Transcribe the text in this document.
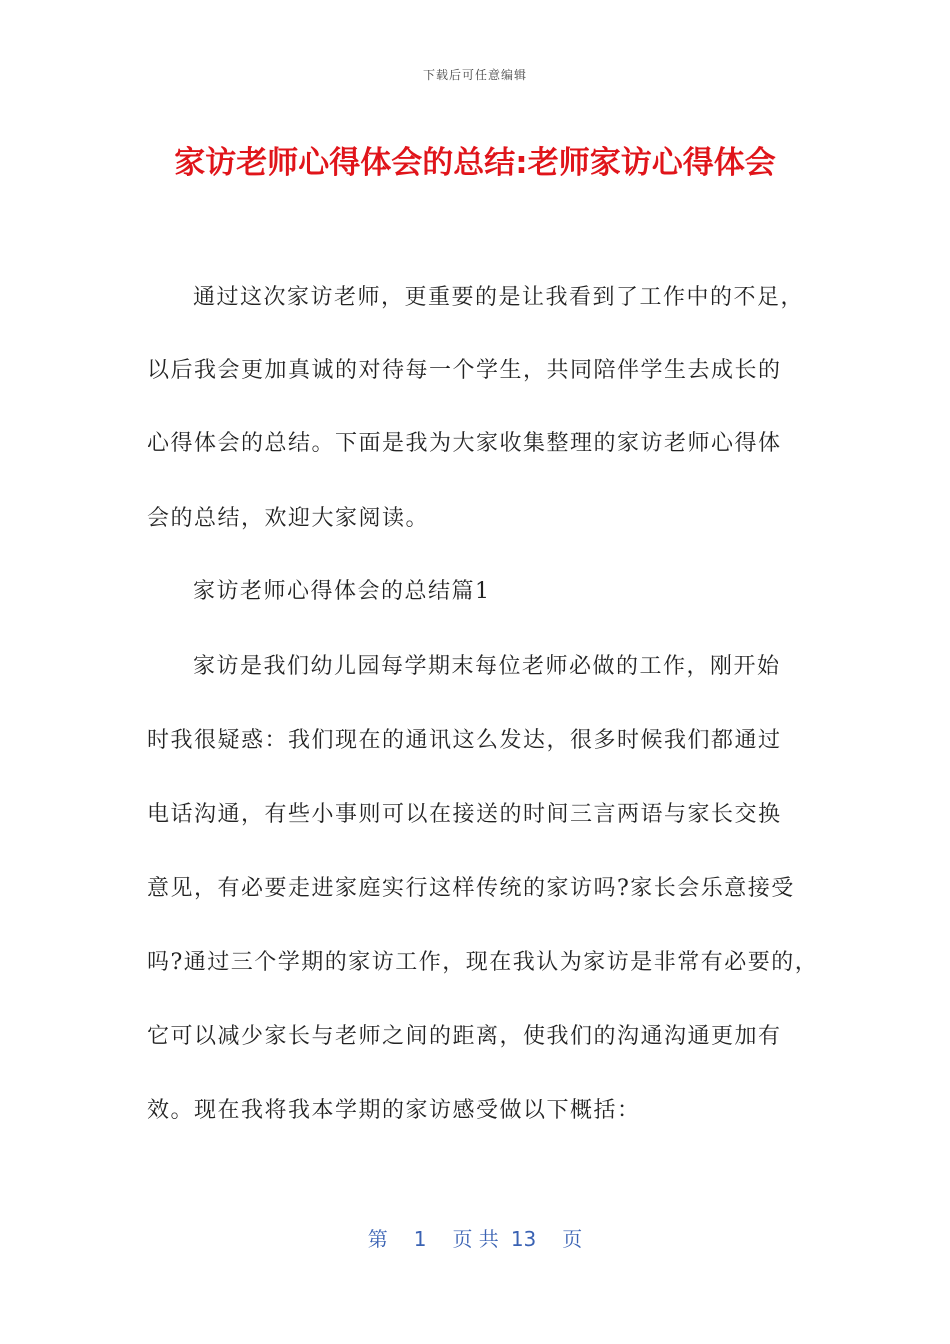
下载后可任意编辑
家访老师心得体会的总结:老师家访心得体会
通过这次家访老师，更重要的是让我看到了工作中的不足，
以后我会更加真诚的对待每一个学生，共同陪伴学生去成长的
心得体会的总结。下面是我为大家收集整理的家访老师心得体
会的总结，欢迎大家阅读。
家访老师心得体会的总结篇1
家访是我们幼儿园每学期末每位老师必做的工作，刚开始
时我很疑惑：我们现在的通讯这么发达，很多时候我们都通过
电话沟通，有些小事则可以在接送的时间三言两语与家长交换
意见，有必要走进家庭实行这样传统的家访吗?家长会乐意接受
吗?通过三个学期的家访工作，现在我认为家访是非常有必要的，
它可以减少家长与老师之间的距离，使我们的沟通沟通更加有
效。现在我将我本学期的家访感受做以下概括：
第 1 页 共 13 页
